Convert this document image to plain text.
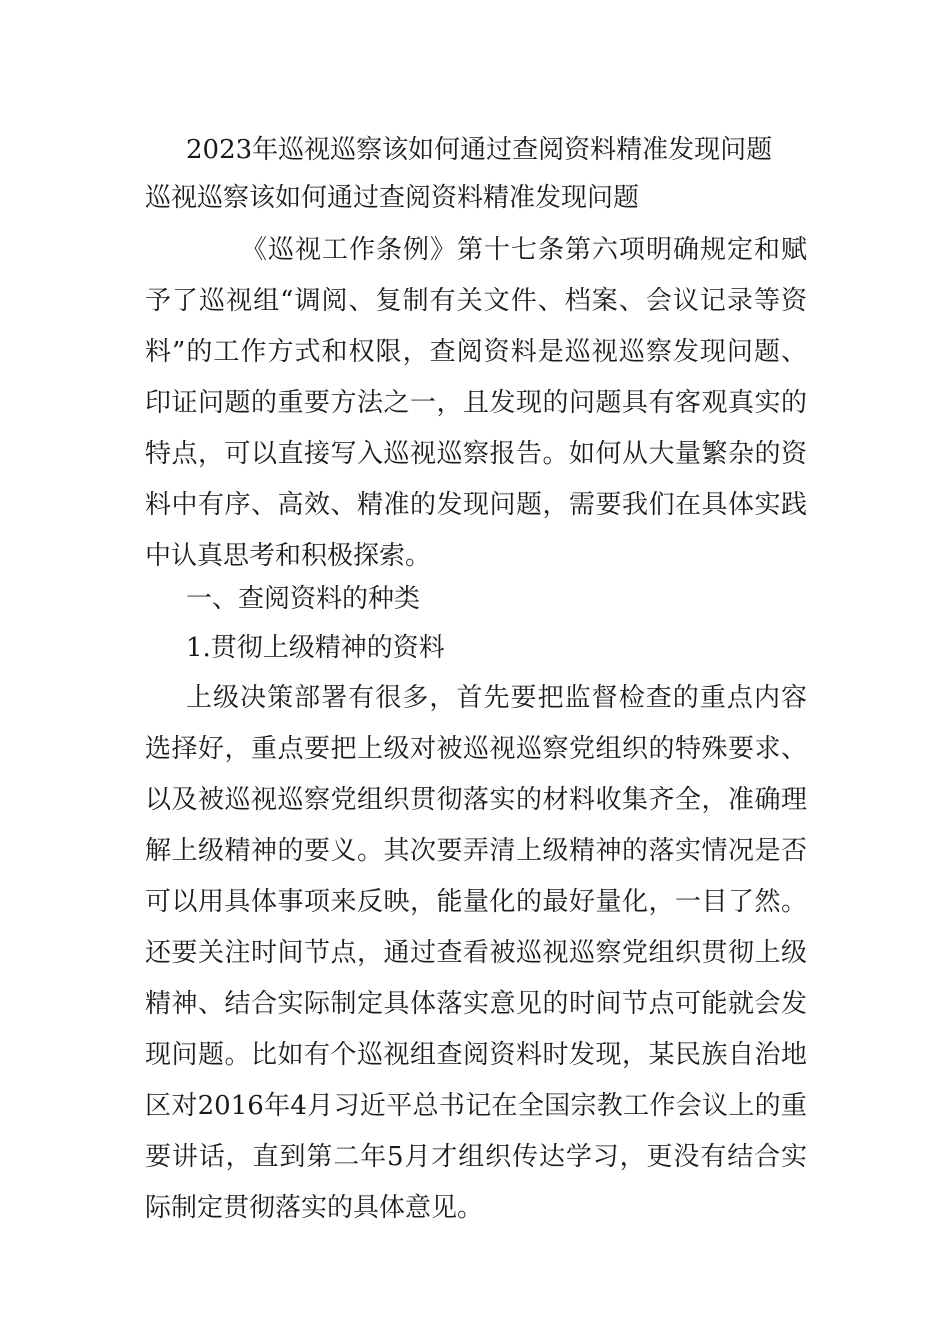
2023年巡视巡察该如何通过查阅资料精准发现问题
巡视巡察该如何通过查阅资料精准发现问题

《巡视工作条例》第十七条第六项明确规定和赋予了巡视组“调阅、复制有关文件、档案、会议记录等资料”的工作方式和权限，查阅资料是巡视巡察发现问题、印证问题的重要方法之一，且发现的问题具有客观真实的特点，可以直接写入巡视巡察报告。如何从大量繁杂的资料中有序、高效、精准的发现问题，需要我们在具体实践中认真思考和积极探索。

一、查阅资料的种类
1.贯彻上级精神的资料

上级决策部署有很多，首先要把监督检查的重点内容选择好，重点要把上级对被巡视巡察党组织的特殊要求、以及被巡视巡察党组织贯彻落实的材料收集齐全，准确理解上级精神的要义。其次要弄清上级精神的落实情况是否可以用具体事项来反映，能量化的最好量化，一目了然。还要关注时间节点，通过查看被巡视巡察党组织贯彻上级精神、结合实际制定具体落实意见的时间节点可能就会发现问题。比如有个巡视组查阅资料时发现，某民族自治地区对2016年4月习近平总书记在全国宗教工作会议上的重要讲话，直到第二年5月才组织传达学习，更没有结合实际制定贯彻落实的具体意见。
